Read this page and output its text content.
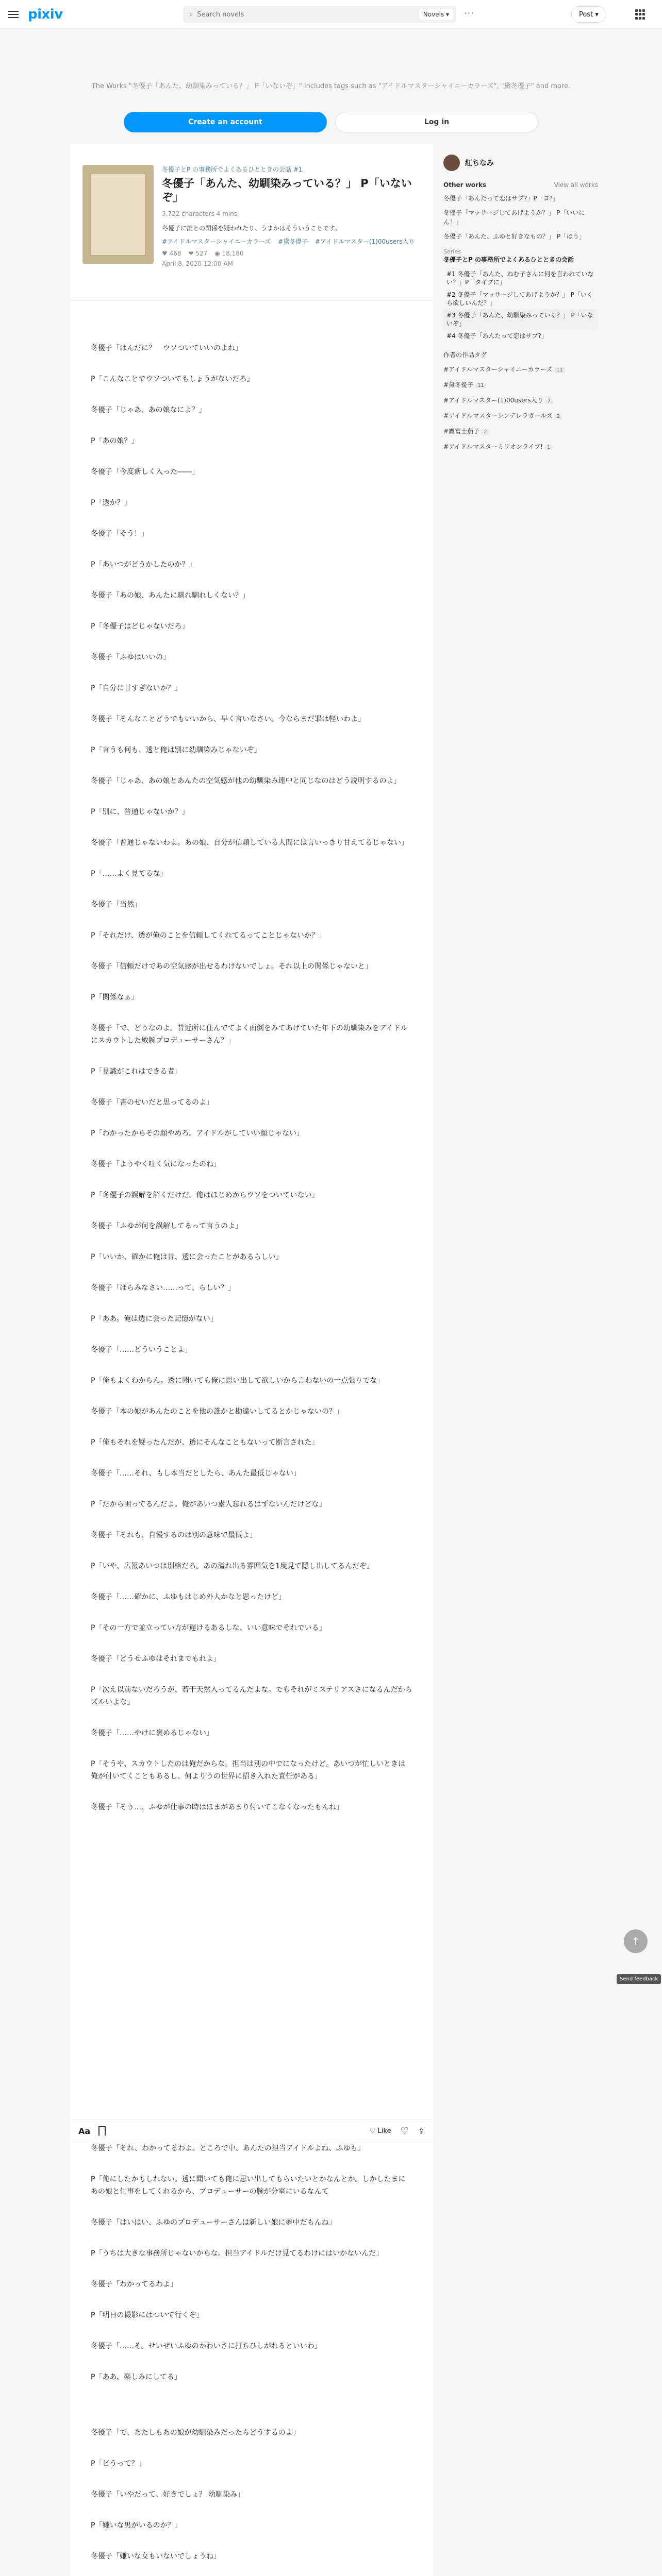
pixiv	⌕
Search novels	Novels ▾	···	Post ▾

The Works "冬優子「あんた、幼馴染みっている？」 P「いないぞ」" includes tags such as "アイドルマスターシャイニーカラーズ", "黛冬優子" and more.

Create an account	Log in

冬優子とP の事務所でよくあるひとときの会話 #1

冬優子「あんた、幼馴染みっている？」 P「いないぞ」

3,722 characters 4 mins

冬優子に誰との関係を疑われたり、うまかはそういうことです。

#アイドルマスターシャイニーカラーズ #黛冬優子 #アイドルマスター(1)00users入り
♥ 468 ❤ 527 ◉ 18,180

April 8, 2020 12:00 AM

冬優子「はんだに？　ウソついていいのよね」

P「こんなことでウソついてもしょうがないだろ」

冬優子「じゃあ、あの娘なによ？」

P「あの娘？」

冬優子「今度新しく入った――」

P「透か？」

冬優子「そう！」

P「あいつがどうかしたのか？」

冬優子「あの娘、あんたに馴れ馴れしくない？」

P「冬優子はどじゃないだろ」

冬優子「ふゆはいいの」

P「自分に甘すぎないか？」

冬優子「そんなことどうでもいいから、早く言いなさい。今ならまだ罪は軽いわよ」

P「言うも何も、透と俺は別に幼馴染みじゃないぞ」

冬優子「じゃあ、あの娘とあんたの空気感が他の幼馴染み連中と同じなのはどう説明するのよ」

P「別に、普通じゃないか？」

冬優子「普通じゃないわよ。あの娘、自分が信頼している人間には言いっきり甘えてるじゃない」

P「……よく見てるな」

冬優子「当然」

P「それだけ、透が俺のことを信頼してくれてるってことじゃないか？」

冬優子「信頼だけであの空気感が出せるわけないでしょ。それ以上の関係じゃないと」

P「関係なぁ」

冬優子「で、どうなのよ。昔近所に住んでてよく面倒をみてあげていた年下の幼馴染みをアイドルにスカウトした敏腕プロデューサーさん？」

P「見識がこれはできる者」

冬優子「書のせいだと思ってるのよ」

P「わかったからその顔やめろ。アイドルがしていい顔じゃない」

冬優子「ようやく吐く気になったのね」

P「冬優子の誤解を解くだけだ。俺はほじめからウソをついていない」

冬優子「ふゆが何を誤解してるって言うのよ」

P「いいか、確かに俺は昔、透に会ったことがあるらしい」

冬優子「ほらみなさい……って、らしい？」

P「ああ。俺は透に会った記憶がない」

冬優子「……どういうことよ」

P「俺もよくわからん。透に聞いても俺に思い出して欲しいから言わないの一点張りでな」

冬優子「本の娘があんたのことを他の誰かと勘違いしてるとかじゃないの？」

P「俺もそれを疑ったんだが、透にそんなこともないって断言された」

冬優子「……それ、もし本当だとしたら、あんた最低じゃない」

P「だから困ってるんだよ。俺があいつ素人忘れるはずないんだけどな」

冬優子「それも、自慢するのは別の意味で最低よ」

P「いや、広報あいつは別格だろ。あの溢れ出る雰囲気を1度見て隠し出してるんだぞ」

冬優子「……確かに、ふゆもはじめ外人かなと思ったけど」

P「その一方で並立ってい方が遅けるあるしな、いい意味でそれでいる」

冬優子「どうせふゆはそれまでもれよ」

P「次え以前ないだろうが、若干天然入ってるんだよな。でもそれがミステリアスさになるんだからズルいよな」

冬優子「……やけに褒めるじゃない」

P「そうや、スカウトしたのは俺だからな。担当は別の中でになったけど。あいつが忙しいときは俺が付いてくこともあるし、何よりうの世界に招き入れた責任がある」

冬優子「そう…、ふゆが仕事の時はほまがあまり付いてこなくなったもんね」

Aa	♡ Like ♡ ⇪

冬優子「それ、わかってるわよ。ところで中、あんたの担当アイドルよね、ふゆも」

P「俺にしたかもしれない。透に聞いても俺に思い出してもらいたいとかなんとか。しかしたまにあの娘と仕事をしてくれるから、プロデューサーの腕が分室にいるなんて

冬優子「はいはい、ふゆのプロデューサーさんは新しい娘に夢中だもんね」

P「うちは大きな事務所じゃないからな。担当アイドルだけ見てるわけにはいかないんだ」

冬優子「わかってるわよ」

P「明日の撮影にはついて行くぞ」

冬優子「……そ。せいぜいふゆのかわいさに打ちひしがれるといいわ」

P「ああ、楽しみにしてる」

冬優子「で、あたしもあの娘が幼馴染みだったらどうするのよ」

P「どうって？」

冬優子「いやだって、好きでしょ？ 幼馴染み」

P「嫌いな男がいるのか？」

冬優子「嫌いな女もいないでしょうね」

紅ちなみ
Other works	View all works
冬優子「あんたって恋はサプ?」P「ヨ?」
冬優子「マッサージしてあげようか？」 P「いいにん！」
冬優子「あんた、ふゆと好きなもの？」 P「ほう」
Series
冬優子とP の事務所でよくあるひとときの会話
#1 冬優子「あんた、ねむ子さんに何を言われていない？」P「タイプに」
#2 冬優子「マッサージしてあげようか？」 P「いくら欲しいんだ？」
#3 冬優子「あんた、幼馴染みっている？」 P「いないぞ」
#4 冬優子「あんたって恋はサプ?」
作者の作品タグ
#アイドルマスターシャイニーカラーズ 11
#黛冬優子 11
#アイドルマスター(1)00users入り 7
#アイドルマスターシンデレラガールズ 2
#鷹富士茄子 2
#アイドルマスターミリオンライブ! 1
↑
Send feedback
